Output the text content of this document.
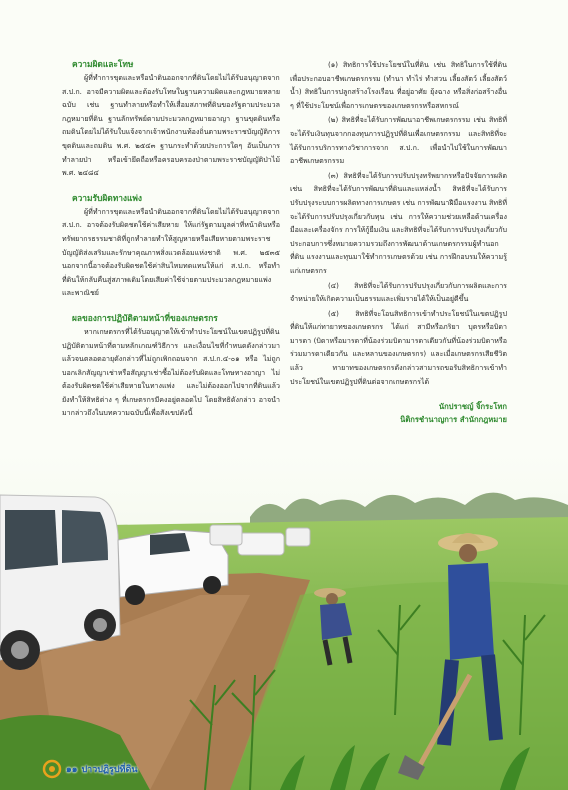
ความผิดและโทษ
ผู้ที่ทำการขุดและหรือนำดินออกจากที่ดินโดยไม่ได้รับอนุญาตจาก ส.ป.ก. อาจมีความผิดและต้องรับโทษในฐานความผิดและกฎหมายหลายฉบับ เช่น ฐานทำลายหรือทำให้เสื่อมสภาพที่ดินของรัฐตามประมวลกฎหมายที่ดิน ฐานลักทรัพย์ตามประมวลกฎหมายอาญา ฐานขุดดินหรือถมดินโดยไม่ได้รับใบแจ้งจากเจ้าพนักงานท้องถิ่นตามพระราชบัญญัติการขุดดินและถมดิน พ.ศ. ๒๕๔๓ ฐานกระทำด้วยประการใดๆ อันเป็นการทำลายป่า หรือเข้ายึดถือหรือครอบครองป่าตามพระราชบัญญัติป่าไม้ พ.ศ. ๒๔๘๔
ความรับผิดทางแพ่ง
ผู้ที่ทำการขุดและหรือนำดินออกจากที่ดินโดยไม่ได้รับอนุญาตจาก ส.ป.ก. อาจต้องรับผิดชดใช้ค่าเสียหาย ให้แก่รัฐตามมูลค่าที่หน้าดินหรือทรัพยากรธรรมชาติที่ถูกทำลายทำให้สูญหายหรือเสียหายตามพระราชบัญญัติส่งเสริมและรักษาคุณภาพสิ่งแวดล้อมแห่งชาติ พ.ศ. ๒๕๓๕ นอกจากนี้อาจต้องรับผิดชดใช้ค่าสินไหมทดแทนให้แก่ ส.ป.ก. หรือทำที่ดินให้กลับคืนสู่สภาพเดิมโดยเสียค่าใช้จ่ายตามประมวลกฎหมายแพ่งและพาณิชย์
ผลของการปฏิบัติตามหน้าที่ของเกษตรกร
หากเกษตรกรที่ได้รับอนุญาตให้เข้าทำประโยชน์ในเขตปฏิรูปที่ดินปฏิบัติตามหน้าที่ตามหลักเกณฑ์วิธีการ และเงื่อนไขที่กำหนดดังกล่าวมาแล้วจนตลอดอายุดังกล่าวที่ไม่ถูกเพิกถอนจาก ส.ป.ก.๔-๐๑ หรือ ไม่ถูกบอกเลิกสัญญาเช่าหรือสัญญาเช่าซื้อไม่ต้องรับผิดและโทษทางอาญา ไม่ต้องรับผิดชดใช้ค่าเสียหายในทางแพ่ง และไม่ต้องออกไปจากที่ดินแล้ว ยังทำให้สิทธิต่าง ๆ ที่เกษตรกรมีคงอยู่ตลอดไป โดยสิทธิดังกล่าว อาจนำมากล่าวถึงในบทความฉบับนี้เพื่อสังเขปดังนี้
(๑) สิทธิการใช้ประโยชน์ในที่ดิน เช่น สิทธิในการใช้ที่ดินเพื่อประกอบอาชีพเกษตรกรรม (ทำนา ทำไร่ ทำสวน เลี้ยงสัตว์ เลี้ยงสัตว์น้ำ) สิทธิในการปลูกสร้างโรงเรือน ที่อยู่อาศัย ยุ้งฉาง หรือสิ่งก่อสร้างอื่น ๆ ที่ใช้ประโยชน์เพื่อการเกษตรของเกษตรกรหรือสหกรณ์
(๒) สิทธิที่จะได้รับการพัฒนาอาชีพเกษตรกรรม เช่น สิทธิที่จะได้รับเงินทุนจากกองทุนการปฏิรูปที่ดินเพื่อเกษตรกรรม และสิทธิที่จะได้รับการบริการทางวิชาการจาก ส.ป.ก. เพื่อนำไปใช้ในการพัฒนาอาชีพเกษตรกรรม
(๓) สิทธิที่จะได้รับการปรับปรุงทรัพยากรหรือปัจจัยการผลิต เช่น สิทธิที่จะได้รับการพัฒนาที่ดินและแหล่งน้ำ สิทธิที่จะได้รับการปรับปรุงระบบการผลิตทางการเกษตร เช่น การพัฒนาฝีมือแรงงาน สิทธิที่จะได้รับการปรับปรุงเกี่ยวกับทุน เช่น การให้ความช่วยเหลือด้านเครื่องมือและเครื่องจักร การให้กู้ยืมเงิน และสิทธิที่จะได้รับการปรับปรุงเกี่ยวกับประกอบการซึ่งหมายความรวมถึงการพัฒนาด้านเกษตรกรรมผู้ทำนอกที่ดิน แรงงานและทุนมาใช้ทำการเกษตรด้วย เช่น การฝึกอบรมให้ความรู้แก่เกษตรกร
(๔) สิทธิที่จะได้รับการปรับปรุงเกี่ยวกับการผลิตและการจำหน่ายให้เกิดความเป็นธรรมและเพิ่มรายได้ให้เป็นอยู่ดีขึ้น
(๕) สิทธิที่จะโอนสิทธิการเข้าทำประโยชน์ในเขตปฏิรูปที่ดินให้แก่ทายาทของเกษตรกร ได้แก่ สามีหรือภริยา บุตรหรือบิดามารดา (บิดาหรือมารดาที่น้องร่วมบิดามารดาเดียวกันที่น้องร่วมบิดาหรือร่วมมารดาเดียวกัน และหลานของเกษตรกร) และเมื่อเกษตรกรเสียชีวิตแล้ว ทายาทของเกษตรกรดังกล่าวสามารถขอรับสิทธิการเข้าทำประโยชน์ในเขตปฏิรูปที่ดินต่อจากเกษตรกรได้
นักปราชญ์ จิ๊กระโทก
นิติกรชำนาญการ สำนักกฎหมาย
๑๑ ปาวปฏิรูปที่ดิน
